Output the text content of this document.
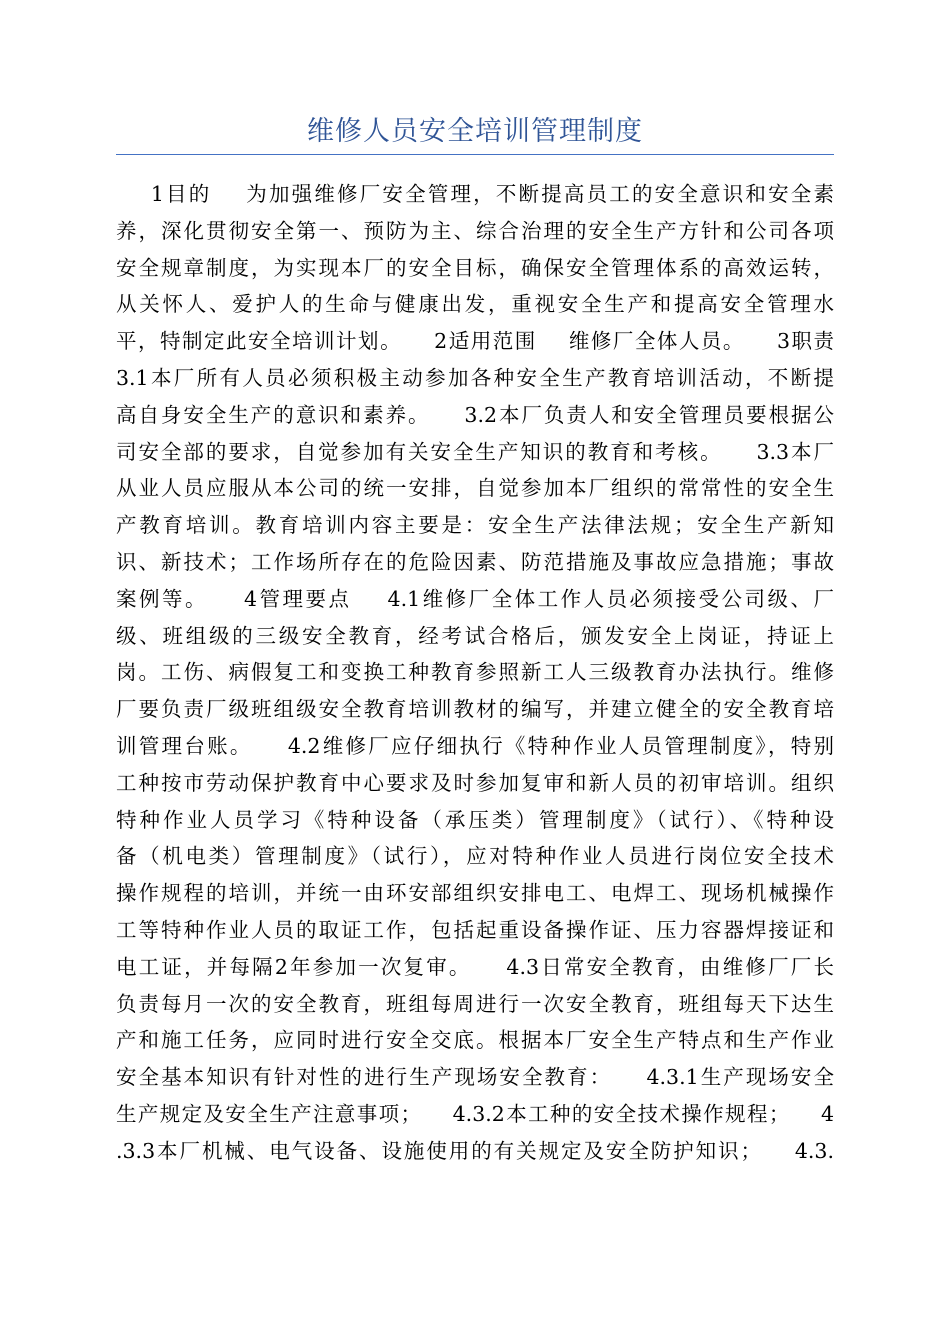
维修人员安全培训管理制度
1目的    为加强维修厂安全管理，不断提高员工的安全意识和安全素
养，深化贯彻安全第一、预防为主、综合治理的安全生产方针和公司各项
安全规章制度，为实现本厂的安全目标，确保安全管理体系的高效运转，
从关怀人、爱护人的生命与健康出发，重视安全生产和提高安全管理水
平，特制定此安全培训计划。    2适用范围    维修厂全体人员。    3职责
3.1本厂所有人员必须积极主动参加各种安全生产教育培训活动，不断提
高自身安全生产的意识和素养。    3.2本厂负责人和安全管理员要根据公
司安全部的要求，自觉参加有关安全生产知识的教育和考核。    3.3本厂
从业人员应服从本公司的统一安排，自觉参加本厂组织的常常性的安全生
产教育培训。教育培训内容主要是：安全生产法律法规；安全生产新知
识、新技术；工作场所存在的危险因素、防范措施及事故应急措施；事故
案例等。    4管理要点    4.1维修厂全体工作人员必须接受公司级、厂
级、班组级的三级安全教育，经考试合格后，颁发安全上岗证，持证上
岗。工伤、病假复工和变换工种教育参照新工人三级教育办法执行。维修
厂要负责厂级班组级安全教育培训教材的编写，并建立健全的安全教育培
训管理台账。    4.2维修厂应仔细执行《特种作业人员管理制度》，特别
工种按市劳动保护教育中心要求及时参加复审和新人员的初审培训。组织
特种作业人员学习《特种设备（承压类）管理制度》（试行）、《特种设
备（机电类）管理制度》（试行），应对特种作业人员进行岗位安全技术
操作规程的培训，并统一由环安部组织安排电工、电焊工、现场机械操作
工等特种作业人员的取证工作，包括起重设备操作证、压力容器焊接证和
电工证，并每隔2年参加一次复审。    4.3日常安全教育，由维修厂厂长
负责每月一次的安全教育，班组每周进行一次安全教育，班组每天下达生
产和施工任务，应同时进行安全交底。根据本厂安全生产特点和生产作业
安全基本知识有针对性的进行生产现场安全教育：    4.3.1生产现场安全
生产规定及安全生产注意事项；    4.3.2本工种的安全技术操作规程；    4
.3.3本厂机械、电气设备、设施使用的有关规定及安全防护知识；    4.3.
